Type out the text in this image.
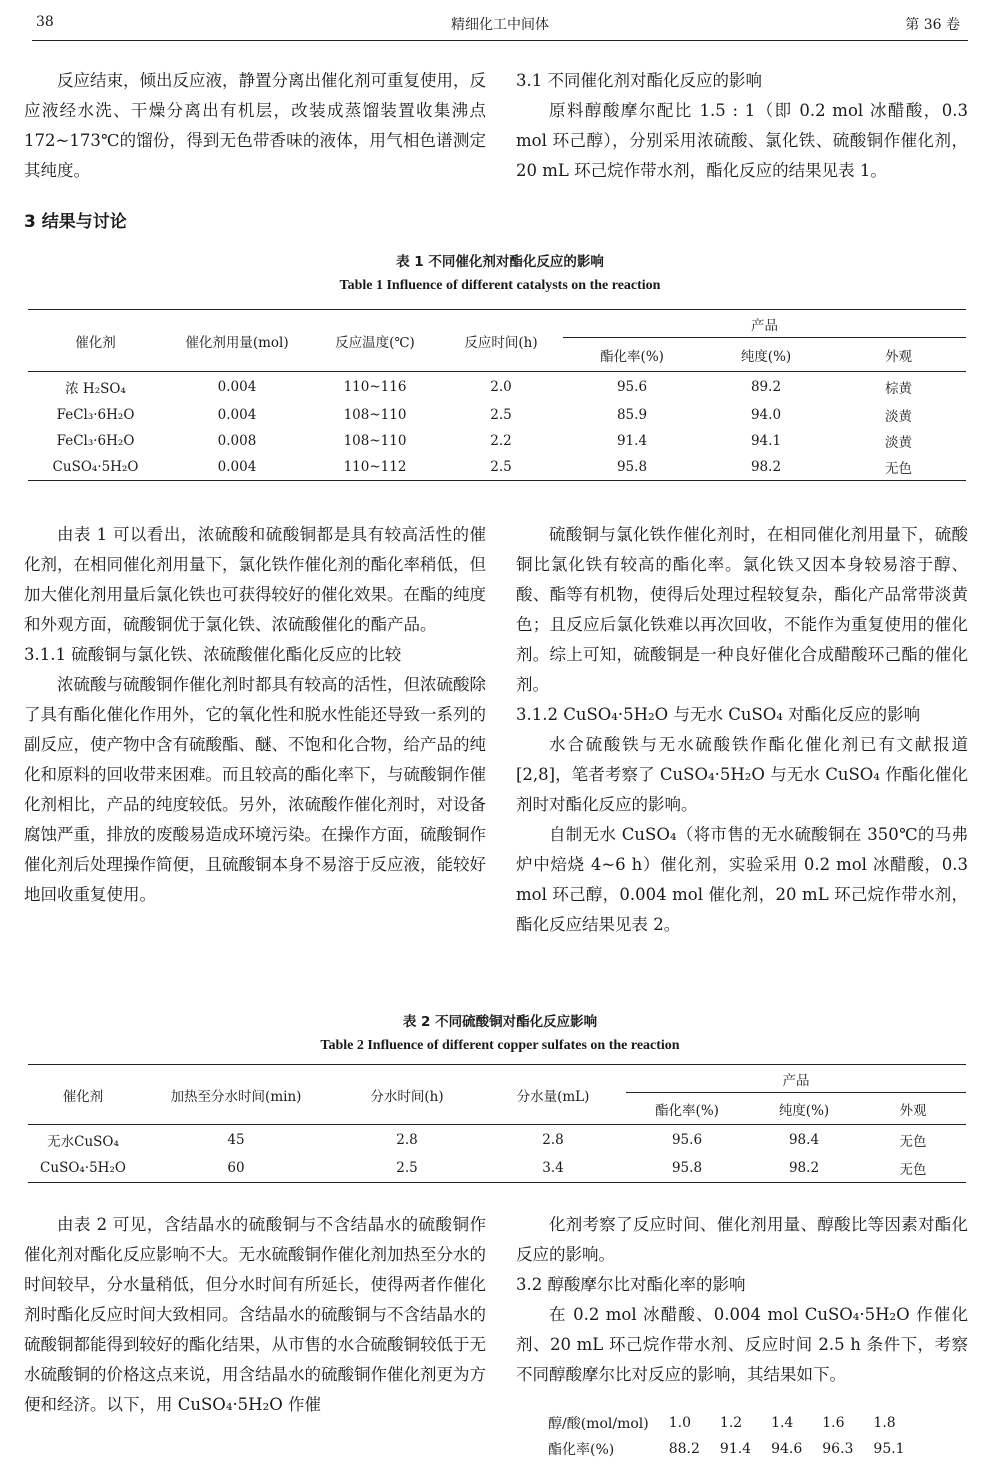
38	精细化工中间体	第 36 卷

反应结束，倾出反应液，静置分离出催化剂可重复使用，反应液经水洗、干燥分离出有机层，改装成蒸馏装置收集沸点 172~173℃的馏份，得到无色带香味的液体，用气相色谱测定其纯度。

3 结果与讨论

3.1 不同催化剂对酯化反应的影响

原料醇酸摩尔配比 1.5 : 1（即 0.2 mol 冰醋酸，0.3 mol 环己醇），分别采用浓硫酸、氯化铁、硫酸铜作催化剂，20 mL 环己烷作带水剂，酯化反应的结果见表 1。

表 1 不同催化剂对酯化反应的影响
Table 1 Influence of different catalysts on the reaction
催化剂	催化剂用量(mol)	反应温度(℃)	反应时间(h)	产品		
				酯化率(%)	纯度(%)	外观
浓 H₂SO₄	0.004	110~116	2.0	95.6	89.2	棕黄
FeCl₃·6H₂O	0.004	108~110	2.5	85.9	94.0	淡黄
FeCl₃·6H₂O	0.008	108~110	2.2	91.4	94.1	淡黄
CuSO₄·5H₂O	0.004	110~112	2.5	95.8	98.2	无色

由表 1 可以看出，浓硫酸和硫酸铜都是具有较高活性的催化剂，在相同催化剂用量下，氯化铁作催化剂的酯化率稍低，但加大催化剂用量后氯化铁也可获得较好的催化效果。在酯的纯度和外观方面，硫酸铜优于氯化铁、浓硫酸催化的酯产品。

3.1.1 硫酸铜与氯化铁、浓硫酸催化酯化反应的比较

浓硫酸与硫酸铜作催化剂时都具有较高的活性，但浓硫酸除了具有酯化催化作用外，它的氧化性和脱水性能还导致一系列的副反应，使产物中含有硫酸酯、醚、不饱和化合物，给产品的纯化和原料的回收带来困难。而且较高的酯化率下，与硫酸铜作催化剂相比，产品的纯度较低。另外，浓硫酸作催化剂时，对设备腐蚀严重，排放的废酸易造成环境污染。在操作方面，硫酸铜作催化剂后处理操作简便，且硫酸铜本身不易溶于反应液，能较好地回收重复使用。

硫酸铜与氯化铁作催化剂时，在相同催化剂用量下，硫酸铜比氯化铁有较高的酯化率。氯化铁又因本身较易溶于醇、酸、酯等有机物，使得后处理过程较复杂，酯化产品常带淡黄色；且反应后氯化铁难以再次回收，不能作为重复使用的催化剂。综上可知，硫酸铜是一种良好催化合成醋酸环己酯的催化剂。

3.1.2 CuSO₄·5H₂O 与无水 CuSO₄ 对酯化反应的影响

水合硫酸铁与无水硫酸铁作酯化催化剂已有文献报道[2,8]，笔者考察了 CuSO₄·5H₂O 与无水 CuSO₄ 作酯化催化剂时对酯化反应的影响。

自制无水 CuSO₄（将市售的无水硫酸铜在 350℃的马弗炉中焙烧 4~6 h）催化剂，实验采用 0.2 mol 冰醋酸，0.3 mol 环己醇，0.004 mol 催化剂，20 mL 环己烷作带水剂，酯化反应结果见表 2。

表 2 不同硫酸铜对酯化反应影响
Table 2 Influence of different copper sulfates on the reaction
催化剂	加热至分水时间(min)	分水时间(h)	分水量(mL)	产品		
				酯化率(%)	纯度(%)	外观
无水CuSO₄	45	2.8	2.8	95.6	98.4	无色
CuSO₄·5H₂O	60	2.5	3.4	95.8	98.2	无色

由表 2 可见，含结晶水的硫酸铜与不含结晶水的硫酸铜作催化剂对酯化反应影响不大。无水硫酸铜作催化剂加热至分水的时间较早，分水量稍低，但分水时间有所延长，使得两者作催化剂时酯化反应时间大致相同。含结晶水的硫酸铜与不含结晶水的硫酸铜都能得到较好的酯化结果，从市售的水合硫酸铜较低于无水硫酸铜的价格这点来说，用含结晶水的硫酸铜作催化剂更为方便和经济。以下，用 CuSO₄·5H₂O 作催

化剂考察了反应时间、催化剂用量、醇酸比等因素对酯化反应的影响。

3.2 醇酸摩尔比对酯化率的影响

在 0.2 mol 冰醋酸、0.004 mol CuSO₄·5H₂O 作催化剂、20 mL 环己烷作带水剂、反应时间 2.5 h 条件下，考察不同醇酸摩尔比对反应的影响，其结果如下。

醇/酸(mol/mol)	1.0	1.2	1.4	1.6	1.8
酯化率(%)	88.2	91.4	94.6	96.3	95.1
